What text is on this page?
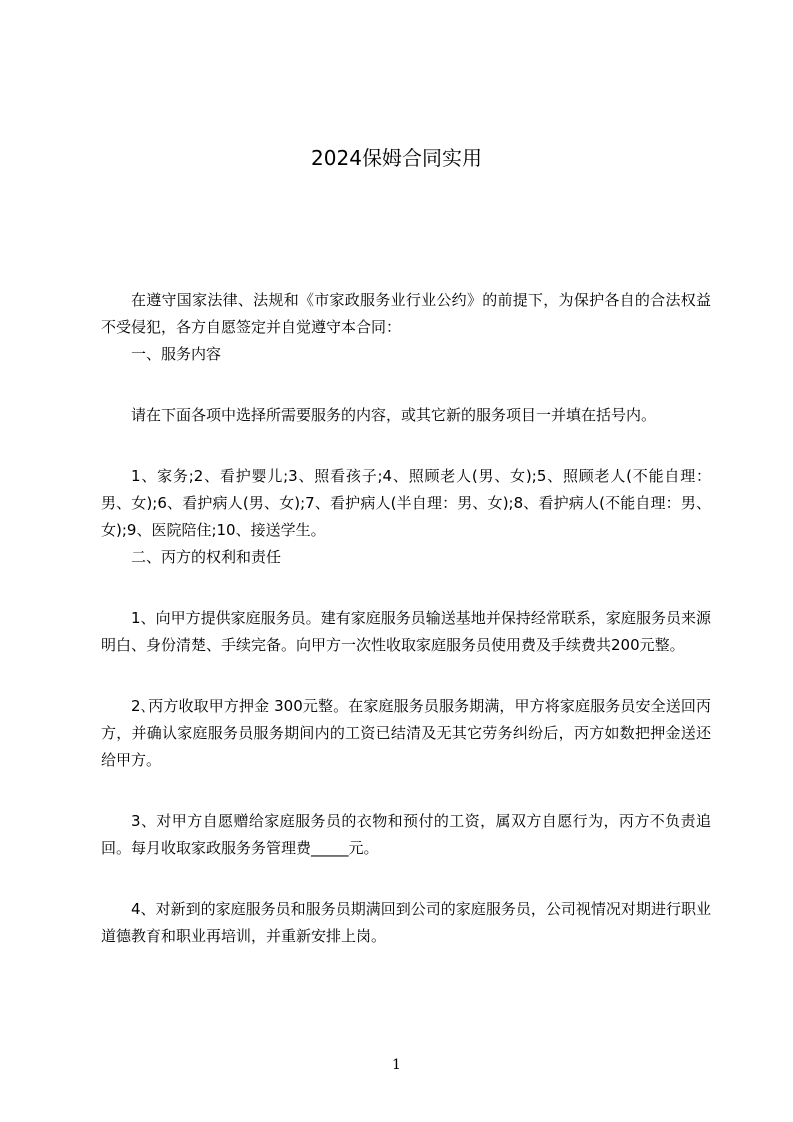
2024保姆合同实用

在遵守国家法律、法规和《市家政服务业行业公约》的前提下，为保护各自的合法权益不受侵犯，各方自愿签定并自觉遵守本合同：

一、服务内容

请在下面各项中选择所需要服务的内容，或其它新的服务项目一并填在括号内。

1、家务;2、看护婴儿;3、照看孩子;4、照顾老人(男、女);5、照顾老人(不能自理：男、女);6、看护病人(男、女);7、看护病人(半自理：男、女);8、看护病人(不能自理：男、女);9、医院陪住;10、接送学生。

二、丙方的权利和责任

1、向甲方提供家庭服务员。建有家庭服务员输送基地并保持经常联系，家庭服务员来源明白、身份清楚、手续完备。向甲方一次性收取家庭服务员使用费及手续费共200元整。

2､丙方收取甲方押金 300元整。在家庭服务员服务期满，甲方将家庭服务员安全送回丙方，并确认家庭服务员服务期间内的工资已结清及无其它劳务纠纷后，丙方如数把押金送还给甲方。

3、对甲方自愿赠给家庭服务员的衣物和预付的工资，属双方自愿行为，丙方不负责追回。每月收取家政服务务管理费_____元。

4、对新到的家庭服务员和服务员期满回到公司的家庭服务员，公司视情况对期进行职业道德教育和职业再培训，并重新安排上岗。

1
